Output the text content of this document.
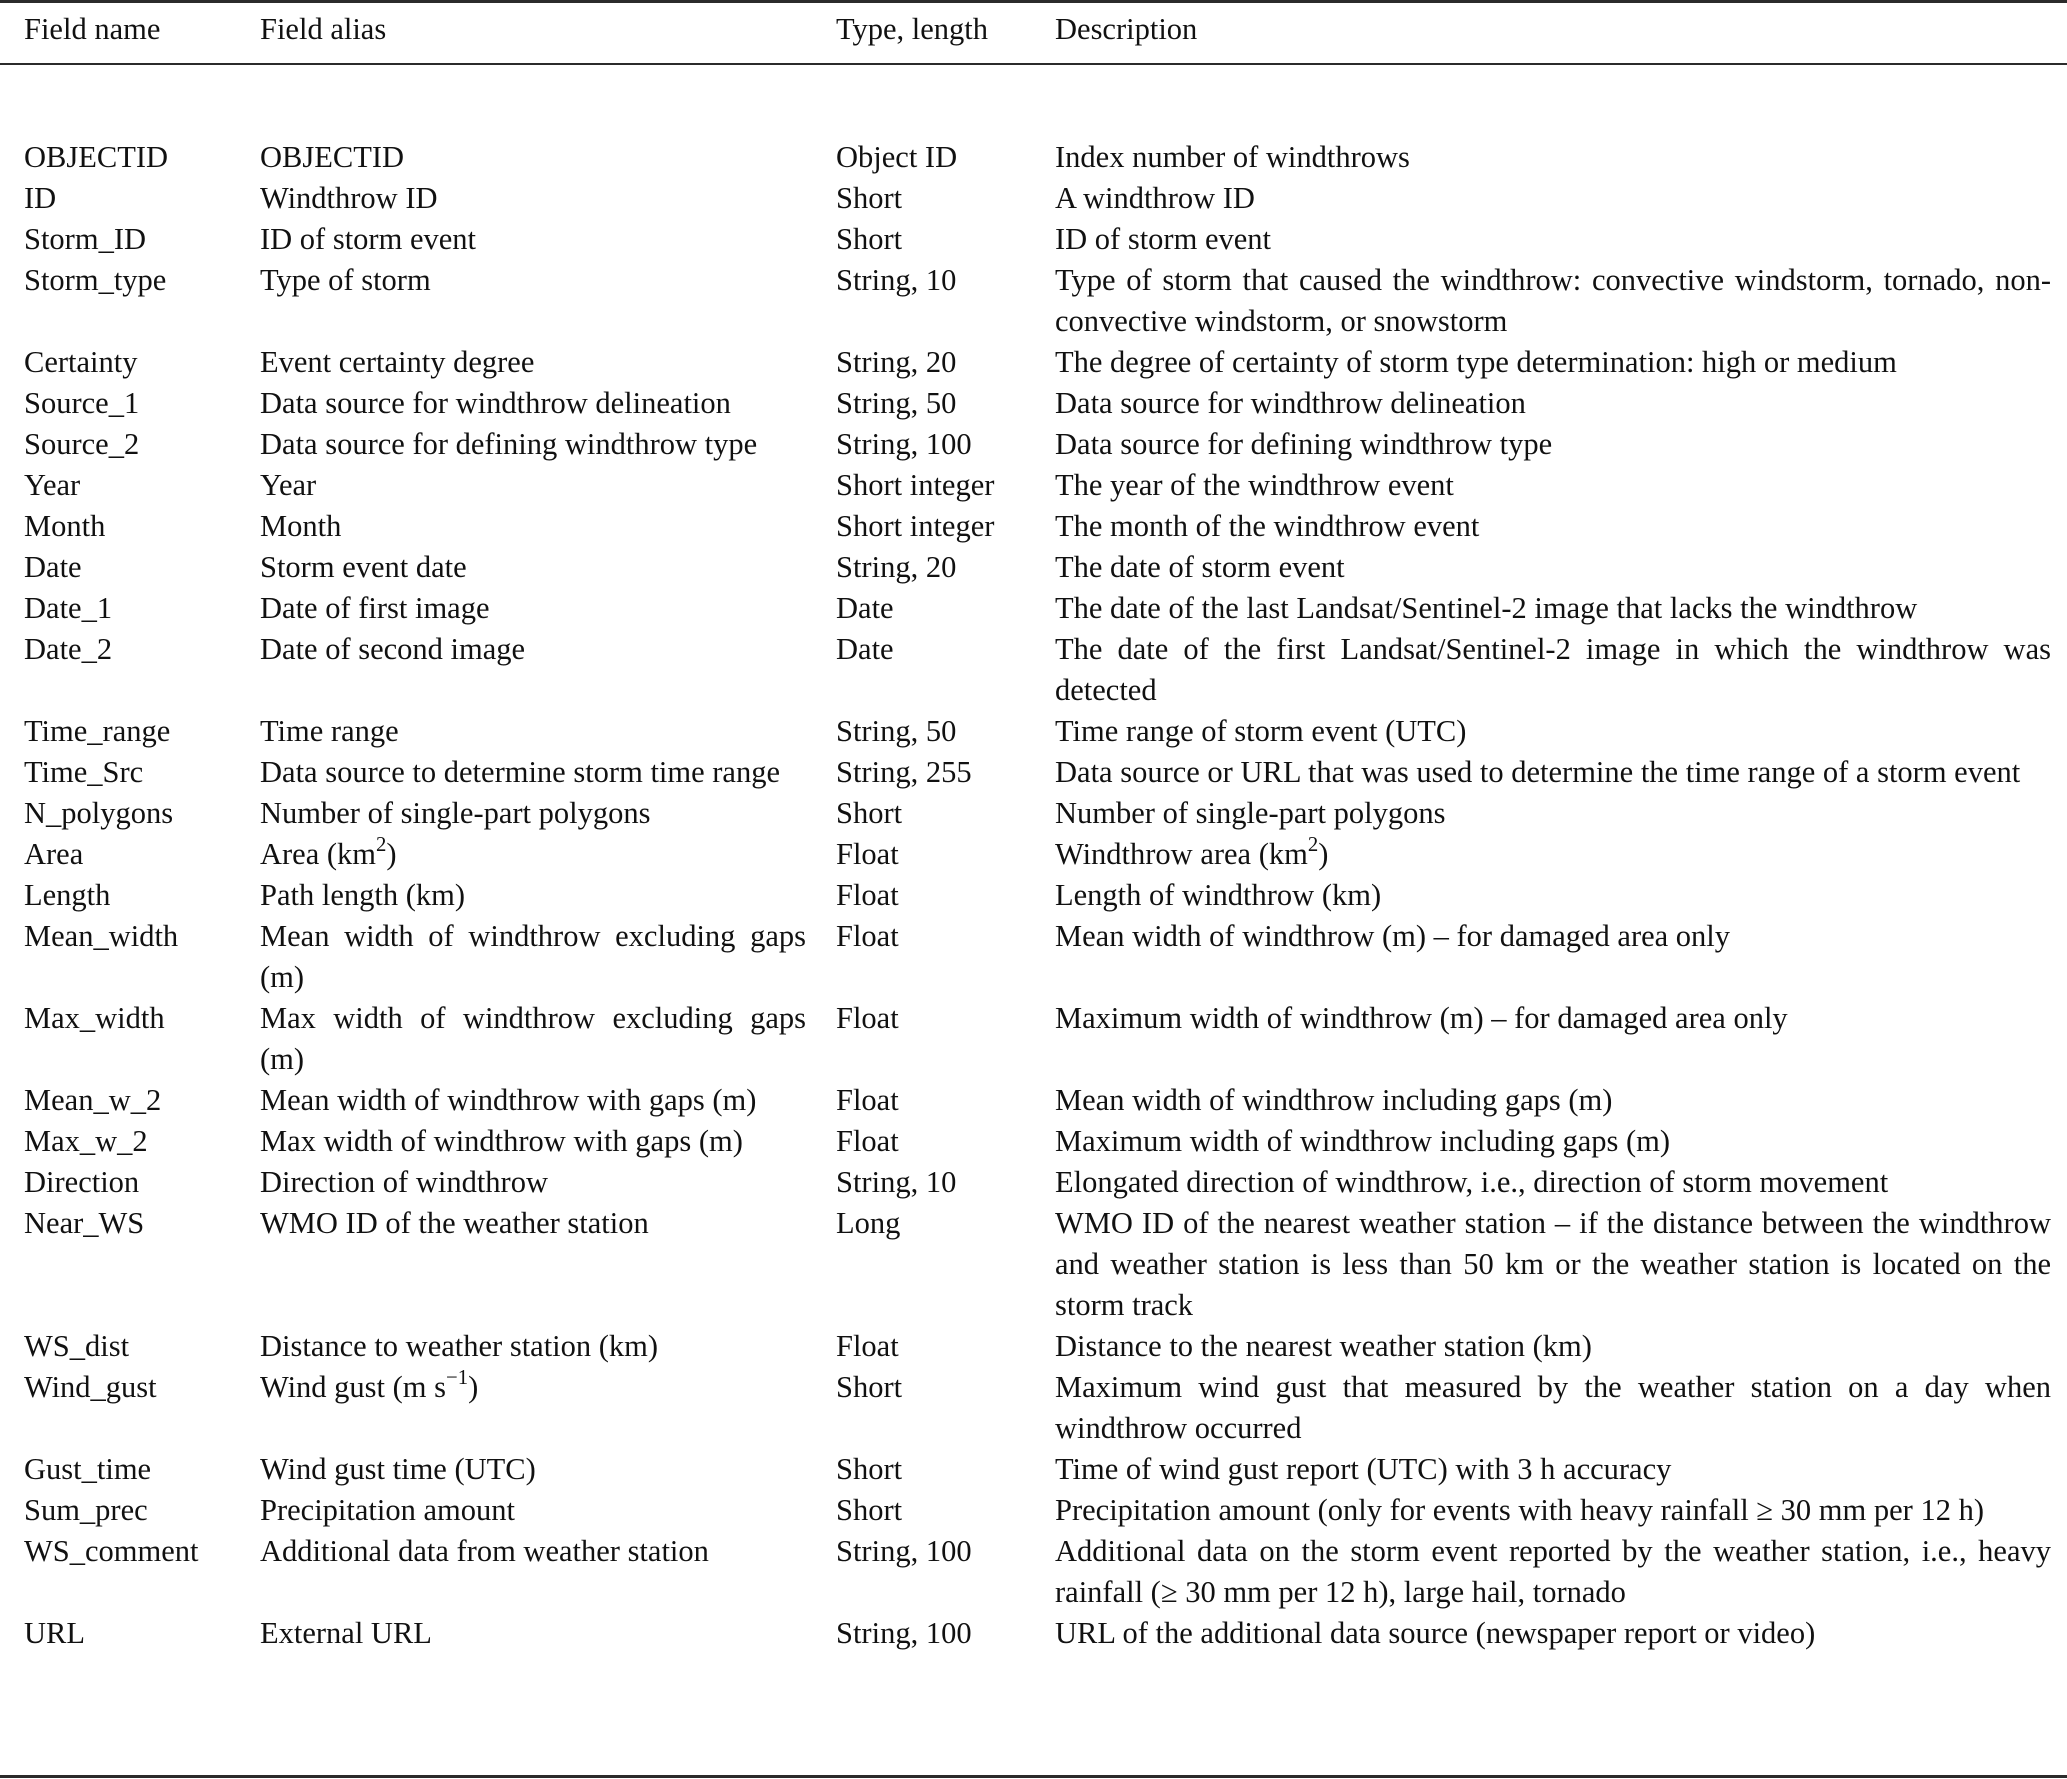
Field name	Field alias	Type, length	Description
OBJECTID	OBJECTID	Object ID	Index number of windthrows
ID	Windthrow ID	Short	A windthrow ID
Storm_ID	ID of storm event	Short	ID of storm event
Storm_type	Type of storm	String, 10	Type of storm that caused the windthrow: convective windstorm, tornado, non-convective windstorm, or snowstorm
Certainty	Event certainty degree	String, 20	The degree of certainty of storm type determination: high or medium
Source_1	Data source for windthrow delineation	String, 50	Data source for windthrow delineation
Source_2	Data source for defining windthrow type	String, 100	Data source for defining windthrow type
Year	Year	Short integer	The year of the windthrow event
Month	Month	Short integer	The month of the windthrow event
Date	Storm event date	String, 20	The date of storm event
Date_1	Date of first image	Date	The date of the last Landsat/Sentinel-2 image that lacks the windthrow
Date_2	Date of second image	Date	The date of the first Landsat/Sentinel-2 image in which the windthrow was detected
Time_range	Time range	String, 50	Time range of storm event (UTC)
Time_Src	Data source to determine storm time range	String, 255	Data source or URL that was used to determine the time range of a storm event
N_polygons	Number of single-part polygons	Short	Number of single-part polygons
Area	Area $(km^2)$	Float	Windthrow area $(km^2)$
Length	Path length (km)	Float	Length of windthrow (km)
Mean_width	Mean width of windthrow excluding gaps (m)	Float	Mean width of windthrow (m) – for damaged area only
Max_width	Max width of windthrow excluding gaps (m)	Float	Maximum width of windthrow (m) – for damaged area only
Mean_w_2	Mean width of windthrow with gaps (m)	Float	Mean width of windthrow including gaps (m)
Max_w_2	Max width of windthrow with gaps (m)	Float	Maximum width of windthrow including gaps (m)
Direction	Direction of windthrow	String, 10	Elongated direction of windthrow, i.e., direction of storm movement
Near_WS	WMO ID of the weather station	Long	WMO ID of the nearest weather station – if the distance between the windthrow and weather station is less than 50 km or the weather station is located on the storm track
WS_dist	Distance to weather station (km)	Float	Distance to the nearest weather station (km)
Wind_gust	Wind gust (m $s^{-1}$)	Short	Maximum wind gust that measured by the weather station on a day when windthrow occurred
Gust_time	Wind gust time (UTC)	Short	Time of wind gust report (UTC) with 3 h accuracy
Sum_prec	Precipitation amount	Short	Precipitation amount (only for events with heavy rainfall ≥ 30 mm per 12 h)
WS_comment	Additional data from weather station	String, 100	Additional data on the storm event reported by the weather station, i.e., heavy rainfall (≥ 30 mm per 12 h), large hail, tornado
URL	External URL	String, 100	URL of the additional data source (newspaper report or video)
